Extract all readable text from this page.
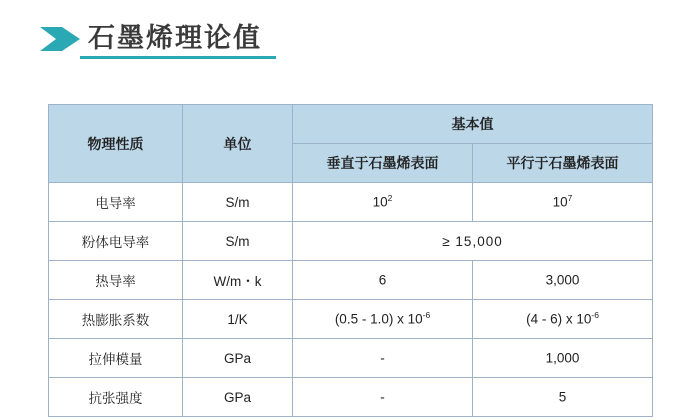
石墨烯理论值
物理性质	单位	基本值	
		垂直于石墨烯表面	平行于石墨烯表面
电导率	S/m	$10^2$	$10^7$
粉体电导率	S/m	≥ 15,000	
热导率	W/m・k	6	3,000
热膨胀系数	1/K	(0.5 - 1.0) x $10^{-6}$	(4 - 6) x $10^{-6}$
拉伸模量	GPa	-	1,000
抗张强度	GPa	-	5
